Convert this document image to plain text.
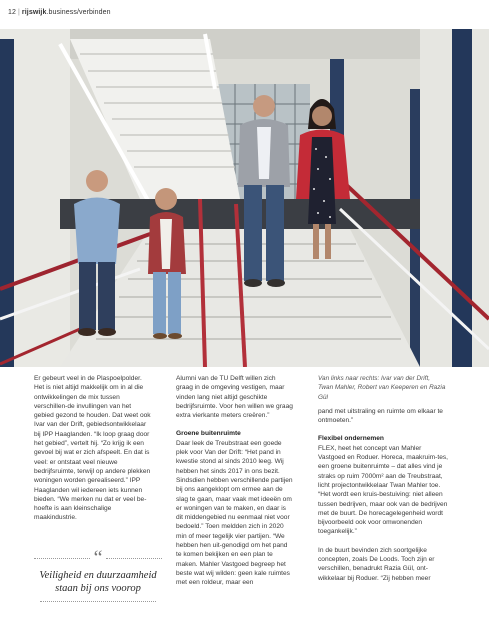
12 | rijswijk.business/verbinden

Er gebeurt veel in de Plaspoelpolder. Het is niet altijd makkelijk om in al die ontwikkelingen de mix tussen verschillen-de invullingen van het gebied gezond te houden. Dat weet ook Ivar van der Drift, gebiedsontwikkelaar bij IPP Haaglanden. “Ik loop graag door het gebied”, vertelt hij. “Zo krijg ik een gevoel bij wat er zich afspeelt. En dat is veel: er ontstaat veel nieuwe bedrijfsruimte, terwijl op andere plekken woningen worden gerealiseerd.” IPP Haaglanden wil iedereen iets kunnen bieden. “We merken nu dat er veel be-hoefte is aan kleinschalige maakindustrie.

“
Veiligheid en duurzaamheid staan bij ons voorop

Alumni van de TU Delft willen zich graag in de omgeving vestigen, maar vinden lang niet altijd geschikte bedrijfsruimte. Voor hen willen we graag extra vierkante meters creëren.”

Groene buitenruimte

Daar leek de Treubstraat een goede plek voor Van der Drift: “Het pand in kwestie stond al sinds 2010 leeg. Wij hebben het sinds 2017 in ons bezit. Sindsdien hebben verschillende partijen bij ons aangeklopt om ermee aan de slag te gaan, maar vaak met ideeën om er woningen van te maken, en daar is dit middengebied nu eenmaal niet voor bedoeld.” Toen meldden zich in 2020 min of meer tegelijk vier partijen. “We hebben hen uit-genodigd om het pand te komen bekijken en een plan te maken. Mahler Vastgoed begreep het beste wat wij wilden: geen kale ruimtes met een roldeur, maar een

Van links naar rechts: Ivar van der Drift,
Twan Mahler, Robert van Keeperen en Razia Gül

pand met uitstraling en ruimte om elkaar te ontmoeten.”

Flexibel ondernemen

FLEX, heet het concept van Mahler Vastgoed en Roduer. Horeca, maakruim-tes, een groene buitenruimte – dat alles vind je straks op ruim 7000m² aan de Treubstraat, licht projectontwikkelaar Twan Mahler toe. “Het wordt een kruis-bestuiving: niet alleen tussen bedrijven, maar ook van de bedrijven met de buurt. De horecagelegenheid wordt bijvoorbeeld ook voor omwonenden toegankelijk.”

In de buurt bevinden zich soortgelijke concepten, zoals De Loods. Toch zijn er verschillen, benadrukt Razia Gül, ont-wikkelaar bij Roduer. “Zij hebben meer
